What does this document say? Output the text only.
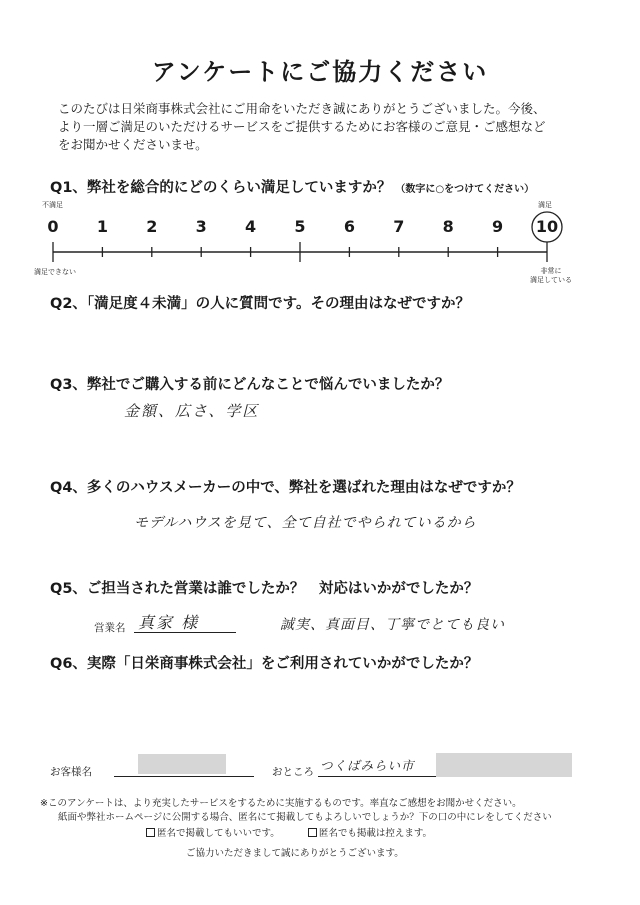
アンケートにご協力ください
このたびは日栄商事株式会社にご用命をいただき誠にありがとうございました。今後、
より一層ご満足のいただけるサービスをご提供するためにお客様のご意見・ご感想など
をお聞かせくださいませ。
Q1、弊社を総合的にどのくらい満足していますか？ （数字に○をつけてください）
不満足	満足
0 1 2 3 4 5 6 7 8 9 10
満足できない	非常に
満足している
Q2、「満足度４未満」の人に質問です。その理由はなぜですか？
Q3、弊社でご購入する前にどんなことで悩んでいましたか？
金額、広さ、学区
Q4、多くのハウスメーカーの中で、弊社を選ばれた理由はなぜですか？
モデルハウスを見て、全て自社でやられているから
Q5、ご担当された営業は誰でしたか？　対応はいかがでしたか？
営業名 真家 様	誠実、真面目、丁寧でとても良い
Q6、実際「日栄商事株式会社」をご利用されていかがでしたか？
お客様名	おところ つくばみらい市
※このアンケートは、より充実したサービスをするために実施するものです。率直なご感想をお聞かせください。
紙面や弊社ホームページに公開する場合、匿名にて掲載してもよろしいでしょうか？下の口の中にレをしてください
匿名で掲載してもいいです。	匿名でも掲載は控えます。
ご協力いただきまして誠にありがとうございます。
